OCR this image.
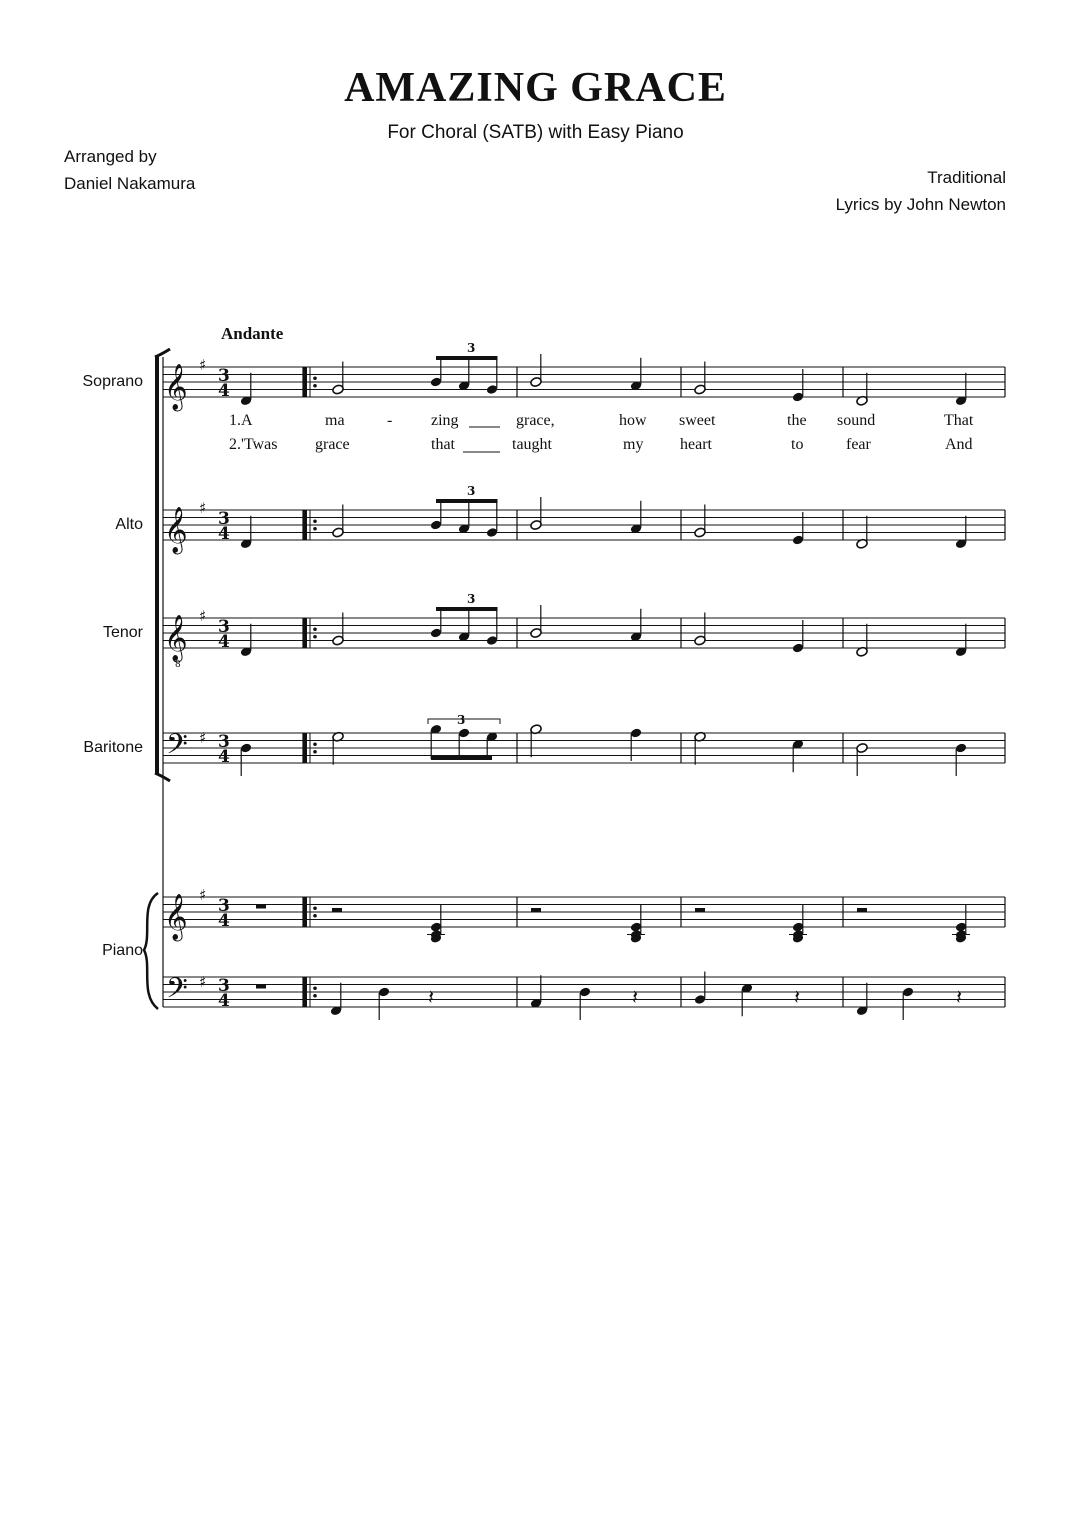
AMAZING GRACE

For Choral (SATB) with Easy Piano

Arranged by
Daniel Nakamura	Traditional
Lyrics by John Newton
Andante
Soprano
Alto
Tenor
Baritone
Piano
1.A	ma	- zing	grace,	how sweet	the sound	That
2.'Twas grace	that	taught	my heart	to	fear	And
𝄞 ♯
3
4
𝄞 ♯
3
4
𝄞 ♯
3
4
𝄢 ♯ 3
4
𝄞 ♯
3
4
𝄢 ♯ 3
4
8
3
3
3
3
𝄽	𝄽	𝄽	𝄽
